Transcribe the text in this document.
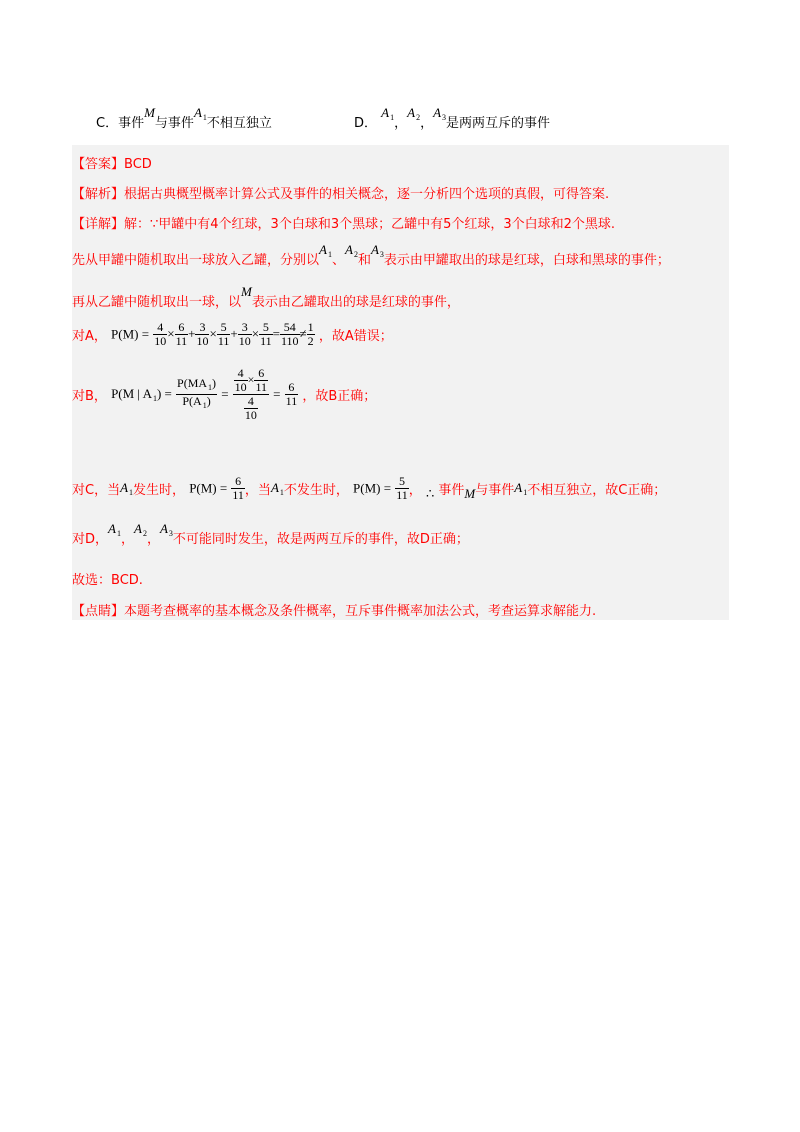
C．事件M与事件$A_1$不相互独立	D． $A_1$，$A_2$，$A_3$是两两互斥的事件
【答案】BCD
【解析】根据古典概型概率计算公式及事件的相关概念，逐一分析四个选项的真假，可得答案.
【详解】解：∵甲罐中有4个红球，3个白球和3个黑球；乙罐中有5个红球，3个白球和2个黑球.
先从甲罐中随机取出一球放入乙罐，分别以$A_1$、$A_2$和$A_3$表示由甲罐取出的球是红球，白球和黑球的事件；
再从乙罐中随机取出一球，以M表示由乙罐取出的球是红球的事件，
对A， $P(M) = \frac{4}{10} \times \frac{6}{11} + \frac{3}{10} \times \frac{5}{11} + \frac{3}{10} \times \frac{5}{11} = \frac{54}{110} \ne \frac{1}{2}$ ，故A错误；
对B， P(M | $A_1) = \frac{P(MA_1)}{P(A_1)} = \frac{\frac{4}{10} \times \frac{6}{11}}{\frac{4}{10}} = \frac{6}{11}$ ，故B正确；
对C，当$A_1$发生时， $P(M) = \frac{6}{11}$ ，当$A_1$不发生时， $P(M) = \frac{5}{11}$ ， ∴ 事件M与事件$A_1$不相互独立，故C正确；
对D，$A_1$，$A_2$，$A_3$不可能同时发生，故是两两互斥的事件，故D正确；
故选：BCD.
【点睛】本题考查概率的基本概念及条件概率，互斥事件概率加法公式，考查运算求解能力.
